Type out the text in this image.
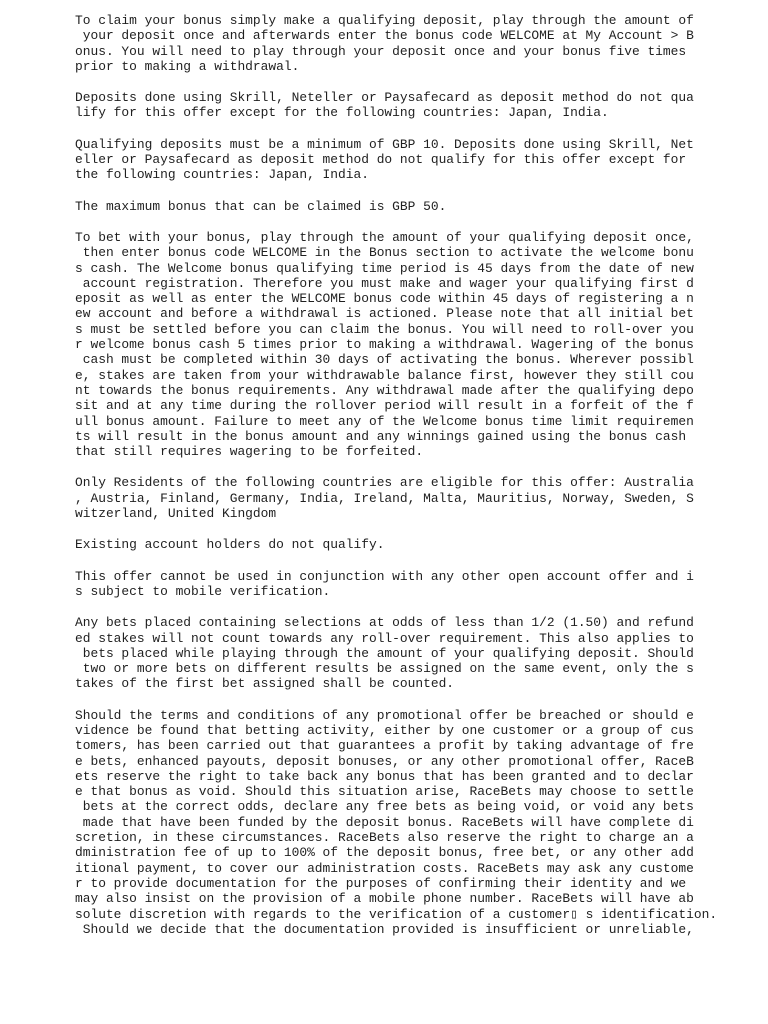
To claim your bonus simply make a qualifying deposit, play through the amount of
your deposit once and afterwards enter the bonus code WELCOME at My Account > B
onus. You will need to play through your deposit once and your bonus five times
prior to making a withdrawal.
Deposits done using Skrill, Neteller or Paysafecard as deposit method do not qua
lify for this offer except for the following countries: Japan, India.
Qualifying deposits must be a minimum of GBP 10. Deposits done using Skrill, Net
eller or Paysafecard as deposit method do not qualify for this offer except for
the following countries: Japan, India.
The maximum bonus that can be claimed is GBP 50.
To bet with your bonus, play through the amount of your qualifying deposit once,
then enter bonus code WELCOME in the Bonus section to activate the welcome bonu
s cash. The Welcome bonus qualifying time period is 45 days from the date of new
account registration. Therefore you must make and wager your qualifying first d
eposit as well as enter the WELCOME bonus code within 45 days of registering a n
ew account and before a withdrawal is actioned. Please note that all initial bet
s must be settled before you can claim the bonus. You will need to roll-over you
r welcome bonus cash 5 times prior to making a withdrawal. Wagering of the bonus
cash must be completed within 30 days of activating the bonus. Wherever possibl
e, stakes are taken from your withdrawable balance first, however they still cou
nt towards the bonus requirements. Any withdrawal made after the qualifying depo
sit and at any time during the rollover period will result in a forfeit of the f
ull bonus amount. Failure to meet any of the Welcome bonus time limit requiremen
ts will result in the bonus amount and any winnings gained using the bonus cash
that still requires wagering to be forfeited.
Only Residents of the following countries are eligible for this offer: Australia
, Austria, Finland, Germany, India, Ireland, Malta, Mauritius, Norway, Sweden, S
witzerland, United Kingdom
Existing account holders do not qualify.
This offer cannot be used in conjunction with any other open account offer and i
s subject to mobile verification.
Any bets placed containing selections at odds of less than 1/2 (1.50) and refund
ed stakes will not count towards any roll-over requirement. This also applies to
bets placed while playing through the amount of your qualifying deposit. Should
two or more bets on different results be assigned on the same event, only the s
takes of the first bet assigned shall be counted.
Should the terms and conditions of any promotional offer be breached or should e
vidence be found that betting activity, either by one customer or a group of cus
tomers, has been carried out that guarantees a profit by taking advantage of fre
e bets, enhanced payouts, deposit bonuses, or any other promotional offer, RaceB
ets reserve the right to take back any bonus that has been granted and to declar
e that bonus as void. Should this situation arise, RaceBets may choose to settle
bets at the correct odds, declare any free bets as being void, or void any bets
made that have been funded by the deposit bonus. RaceBets will have complete di
scretion, in these circumstances. RaceBets also reserve the right to charge an a
dministration fee of up to 100% of the deposit bonus, free bet, or any other add
itional payment, to cover our administration costs. RaceBets may ask any custome
r to provide documentation for the purposes of confirming their identity and we
may also insist on the provision of a mobile phone number. RaceBets will have ab
solute discretion with regards to the verification of a customer▯ s identification.
Should we decide that the documentation provided is insufficient or unreliable,
